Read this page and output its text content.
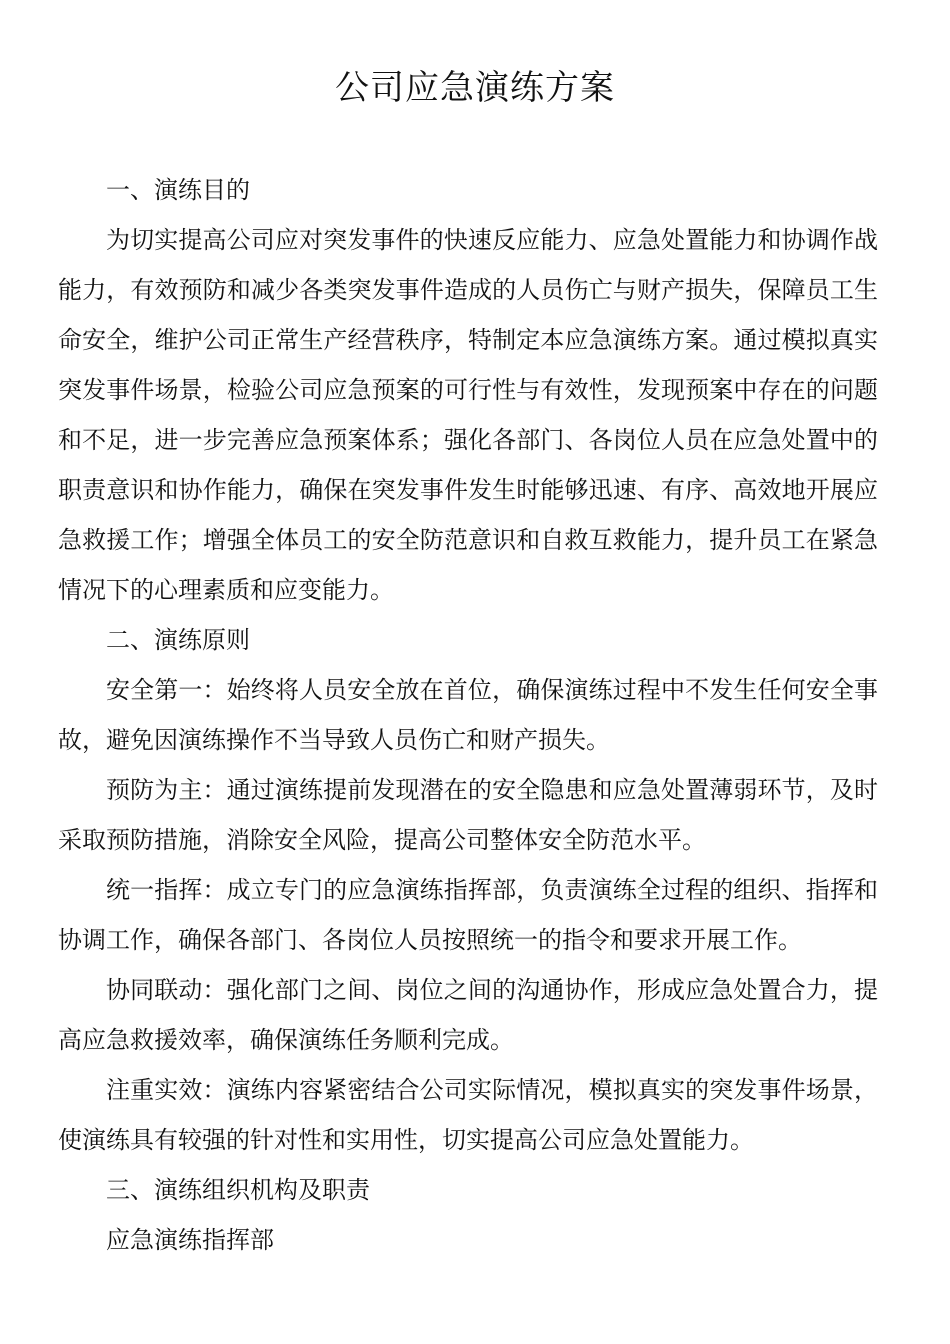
公司应急演练方案

一、演练目的

为切实提高公司应对突发事件的快速反应能力、应急处置能力和协调作战能力，有效预防和减少各类突发事件造成的人员伤亡与财产损失，保障员工生命安全，维护公司正常生产经营秩序，特制定本应急演练方案。通过模拟真实突发事件场景，检验公司应急预案的可行性与有效性，发现预案中存在的问题和不足，进一步完善应急预案体系；强化各部门、各岗位人员在应急处置中的职责意识和协作能力，确保在突发事件发生时能够迅速、有序、高效地开展应急救援工作；增强全体员工的安全防范意识和自救互救能力，提升员工在紧急情况下的心理素质和应变能力。

二、演练原则

安全第一：始终将人员安全放在首位，确保演练过程中不发生任何安全事故，避免因演练操作不当导致人员伤亡和财产损失。

预防为主：通过演练提前发现潜在的安全隐患和应急处置薄弱环节，及时采取预防措施，消除安全风险，提高公司整体安全防范水平。

统一指挥：成立专门的应急演练指挥部，负责演练全过程的组织、指挥和协调工作，确保各部门、各岗位人员按照统一的指令和要求开展工作。

协同联动：强化部门之间、岗位之间的沟通协作，形成应急处置合力，提高应急救援效率，确保演练任务顺利完成。

注重实效：演练内容紧密结合公司实际情况，模拟真实的突发事件场景，使演练具有较强的针对性和实用性，切实提高公司应急处置能力。

三、演练组织机构及职责

应急演练指挥部
